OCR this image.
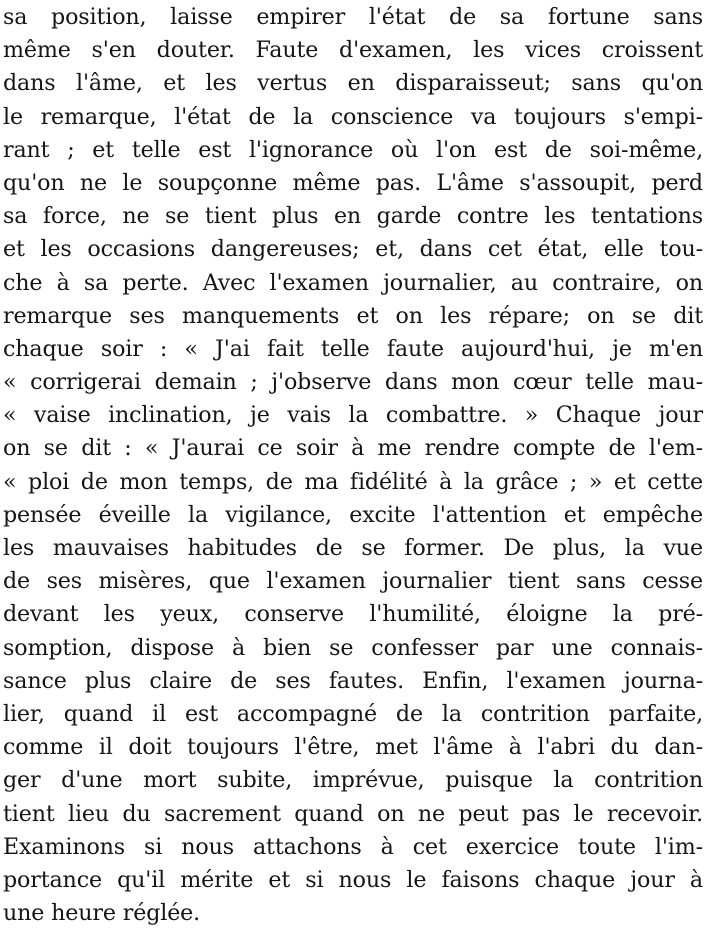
sa position, laisse empirer l'état de sa fortune sans
même s'en douter. Faute d'examen, les vices croissent
dans l'âme, et les vertus en disparaisseut; sans qu'on
le remarque, l'état de la conscience va toujours s'empi-
rant ; et telle est l'ignorance où l'on est de soi-même,
qu'on ne le soupçonne même pas. L'âme s'assoupit, perd
sa force, ne se tient plus en garde contre les tentations
et les occasions dangereuses; et, dans cet état, elle tou-
che à sa perte. Avec l'examen journalier, au contraire, on
remarque ses manquements et on les répare; on se dit
chaque soir : « J'ai fait telle faute aujourd'hui, je m'en
« corrigerai demain ; j'observe dans mon cœur telle mau-
« vaise inclination, je vais la combattre. » Chaque jour
on se dit : « J'aurai ce soir à me rendre compte de l'em-
« ploi de mon temps, de ma fidélité à la grâce ; » et cette
pensée éveille la vigilance, excite l'attention et empêche
les mauvaises habitudes de se former. De plus, la vue
de ses misères, que l'examen journalier tient sans cesse
devant les yeux, conserve l'humilité, éloigne la pré-
somption, dispose à bien se confesser par une connais-
sance plus claire de ses fautes. Enfin, l'examen journa-
lier, quand il est accompagné de la contrition parfaite,
comme il doit toujours l'être, met l'âme à l'abri du dan-
ger d'une mort subite, imprévue, puisque la contrition
tient lieu du sacrement quand on ne peut pas le recevoir.
Examinons si nous attachons à cet exercice toute l'im-
portance qu'il mérite et si nous le faisons chaque jour à
une heure réglée.
